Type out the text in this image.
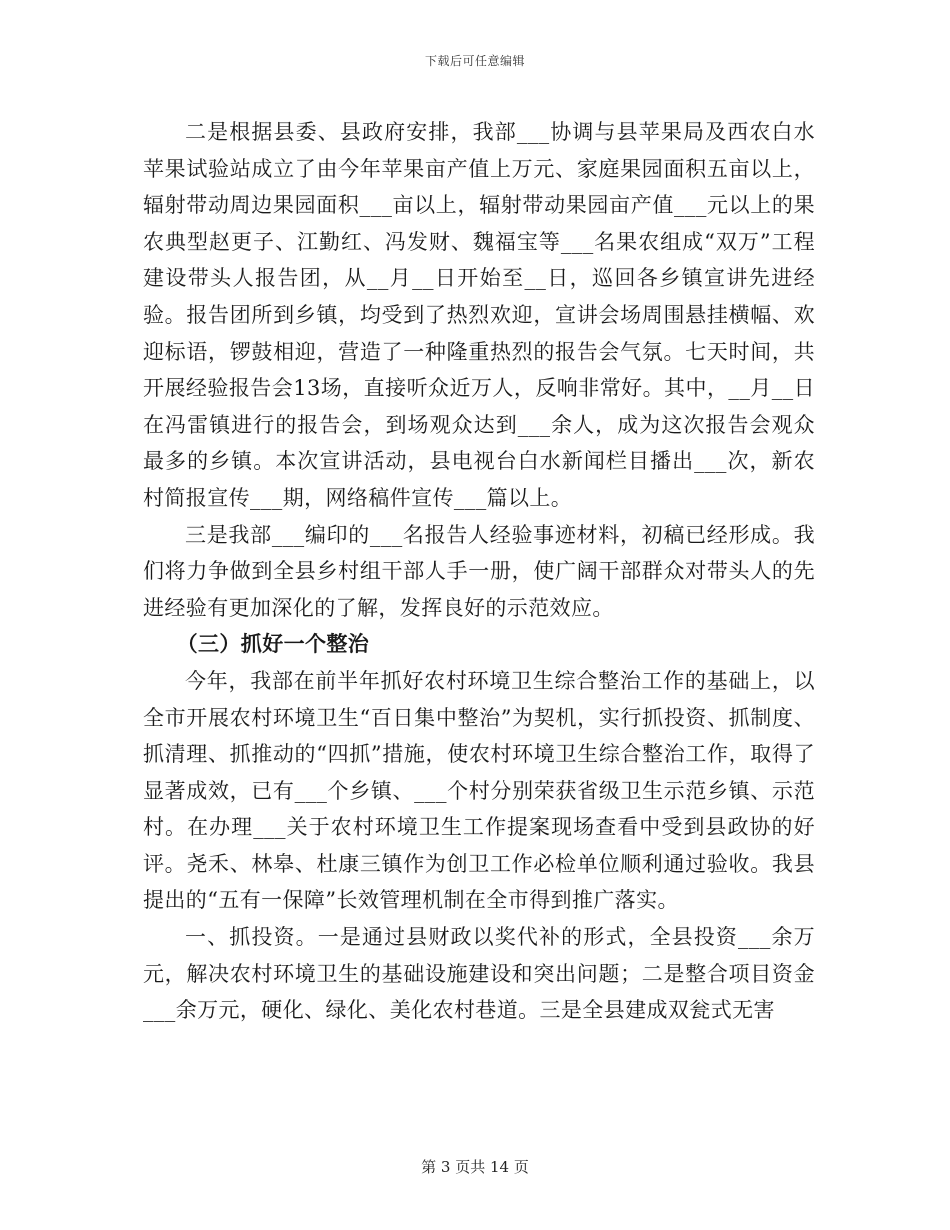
下载后可任意编辑

二是根据县委、县政府安排，我部___协调与县苹果局及西农白水苹果试验站成立了由今年苹果亩产值上万元、家庭果园面积五亩以上，辐射带动周边果园面积___亩以上，辐射带动果园亩产值___元以上的果农典型赵更子、江勤红、冯发财、魏福宝等___名果农组成“双万”工程建设带头人报告团，从__月__日开始至__日，巡回各乡镇宣讲先进经验。报告团所到乡镇，均受到了热烈欢迎，宣讲会场周围悬挂横幅、欢迎标语，锣鼓相迎，营造了一种隆重热烈的报告会气氛。七天时间，共开展经验报告会13场，直接听众近万人，反响非常好。其中，__月__日在冯雷镇进行的报告会，到场观众达到___余人，成为这次报告会观众最多的乡镇。本次宣讲活动，县电视台白水新闻栏目播出___次，新农村简报宣传___期，网络稿件宣传___篇以上。

三是我部___编印的___名报告人经验事迹材料，初稿已经形成。我们将力争做到全县乡村组干部人手一册，使广阔干部群众对带头人的先进经验有更加深化的了解，发挥良好的示范效应。

（三）抓好一个整治

今年，我部在前半年抓好农村环境卫生综合整治工作的基础上，以全市开展农村环境卫生“百日集中整治”为契机，实行抓投资、抓制度、抓清理、抓推动的“四抓”措施，使农村环境卫生综合整治工作，取得了显著成效，已有___个乡镇、___个村分别荣获省级卫生示范乡镇、示范村。在办理___关于农村环境卫生工作提案现场查看中受到县政协的好评。尧禾、林皋、杜康三镇作为创卫工作必检单位顺利通过验收。我县提出的“五有一保障”长效管理机制在全市得到推广落实。

一、抓投资。一是通过县财政以奖代补的形式，全县投资___余万元，解决农村环境卫生的基础设施建设和突出问题；二是整合项目资金___余万元，硬化、绿化、美化农村巷道。三是全县建成双瓮式无害

第 3 页共 14 页
